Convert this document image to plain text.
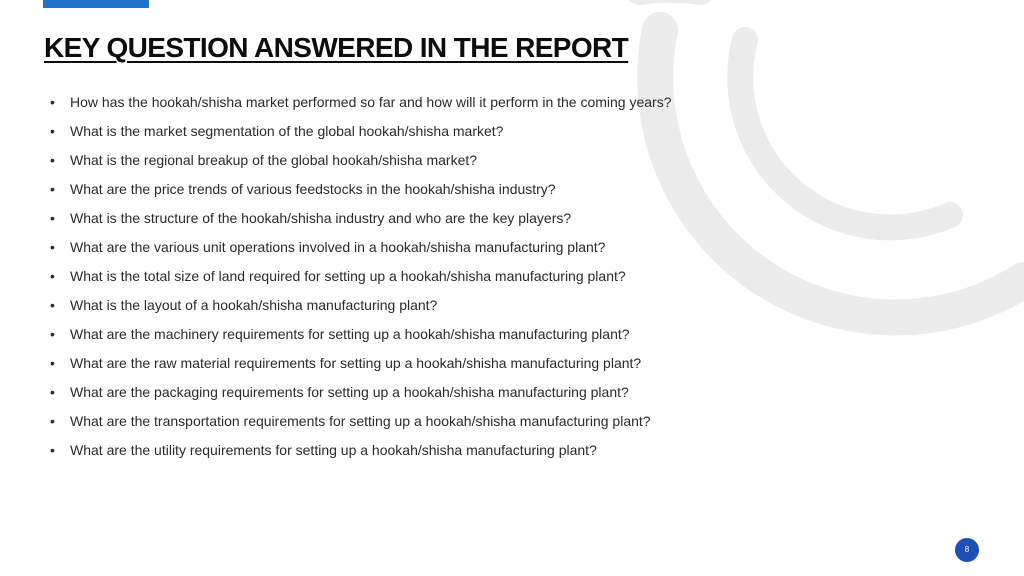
KEY QUESTION ANSWERED IN THE REPORT
• How has the hookah/shisha market performed so far and how will it perform in the coming years?
• What is the market segmentation of the global hookah/shisha market?
• What is the regional breakup of the global hookah/shisha market?
• What are the price trends of various feedstocks in the hookah/shisha industry?
• What is the structure of the hookah/shisha industry and who are the key players?
• What are the various unit operations involved in a hookah/shisha manufacturing plant?
• What is the total size of land required for setting up a hookah/shisha manufacturing plant?
• What is the layout of a hookah/shisha manufacturing plant?
• What are the machinery requirements for setting up a hookah/shisha manufacturing plant?
• What are the raw material requirements for setting up a hookah/shisha manufacturing plant?
• What are the packaging requirements for setting up a hookah/shisha manufacturing plant?
• What are the transportation requirements for setting up a hookah/shisha manufacturing plant?
• What are the utility requirements for setting up a hookah/shisha manufacturing plant?
8
